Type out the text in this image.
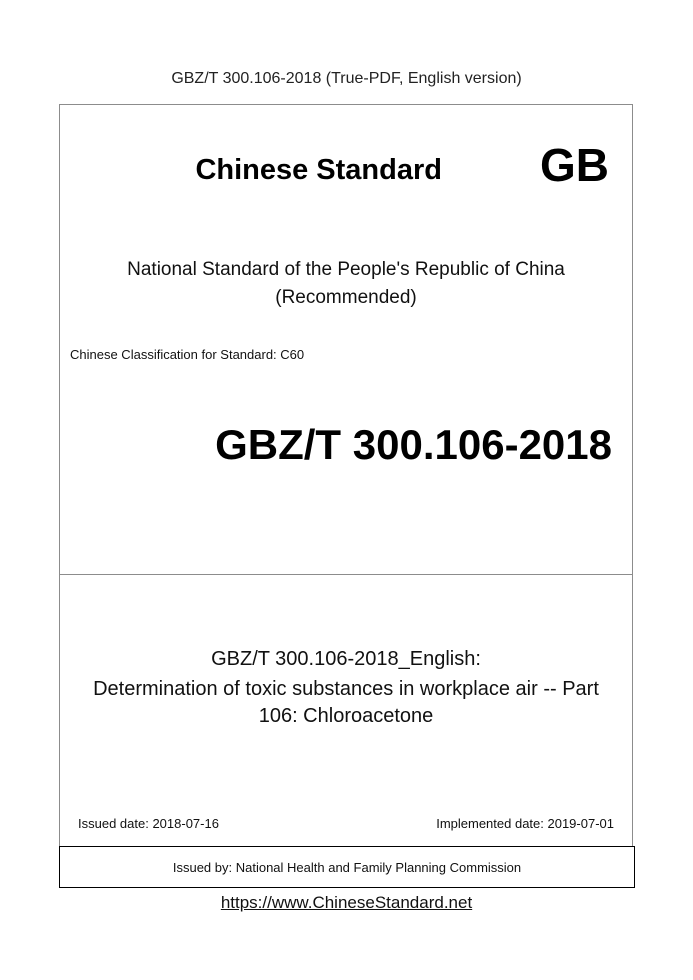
GBZ/T 300.106-2018 (True-PDF, English version)
Chinese Standard GB
National Standard of the People's Republic of China
(Recommended)
Chinese Classification for Standard: C60
GBZ/T 300.106-2018
GBZ/T 300.106-2018_English:
Determination of toxic substances in workplace air -- Part
106: Chloroacetone
Issued date: 2018-07-16	Implemented date: 2019-07-01
Issued by: National Health and Family Planning Commission
https://www.ChineseStandard.net
